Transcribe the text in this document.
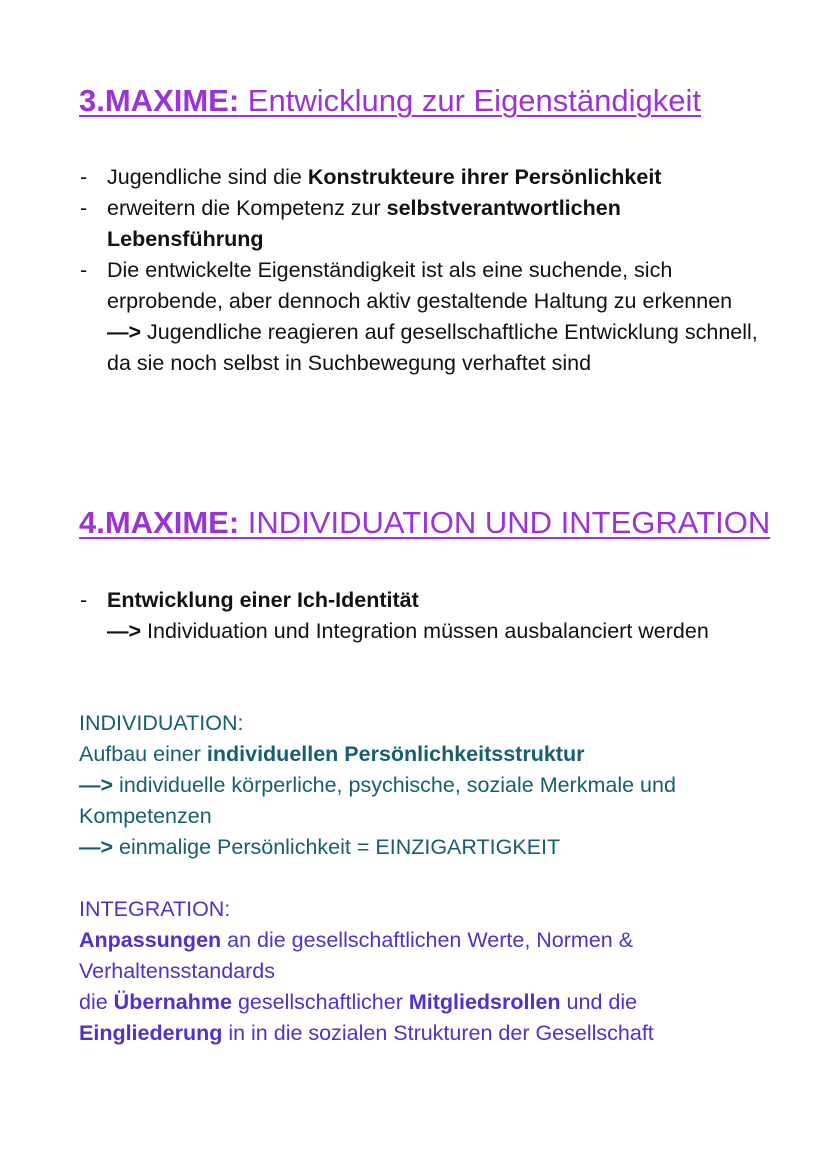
3.MAXIME: Entwicklung zur Eigenständigkeit
- Jugendliche sind die Konstrukteure ihrer Persönlichkeit
- erweitern die Kompetenz zur selbstverantwortlichen Lebensführung
- Die entwickelte Eigenständigkeit ist als eine suchende, sich erprobende, aber dennoch aktiv gestaltende Haltung zu erkennen
—> Jugendliche reagieren auf gesellschaftliche Entwicklung schnell, da sie noch selbst in Suchbewegung verhaftet sind
4.MAXIME: INDIVIDUATION UND INTEGRATION
- Entwicklung einer Ich-Identität
—> Individuation und Integration müssen ausbalanciert werden
INDIVIDUATION:
Aufbau einer individuellen Persönlichkeitsstruktur
—> individuelle körperliche, psychische, soziale Merkmale und Kompetenzen
—> einmalige Persönlichkeit = EINZIGARTIGKEIT
INTEGRATION:
Anpassungen an die gesellschaftlichen Werte, Normen & Verhaltensstandards
die Übernahme gesellschaftlicher Mitgliedsrollen und die
Eingliederung in in die sozialen Strukturen der Gesellschaft
